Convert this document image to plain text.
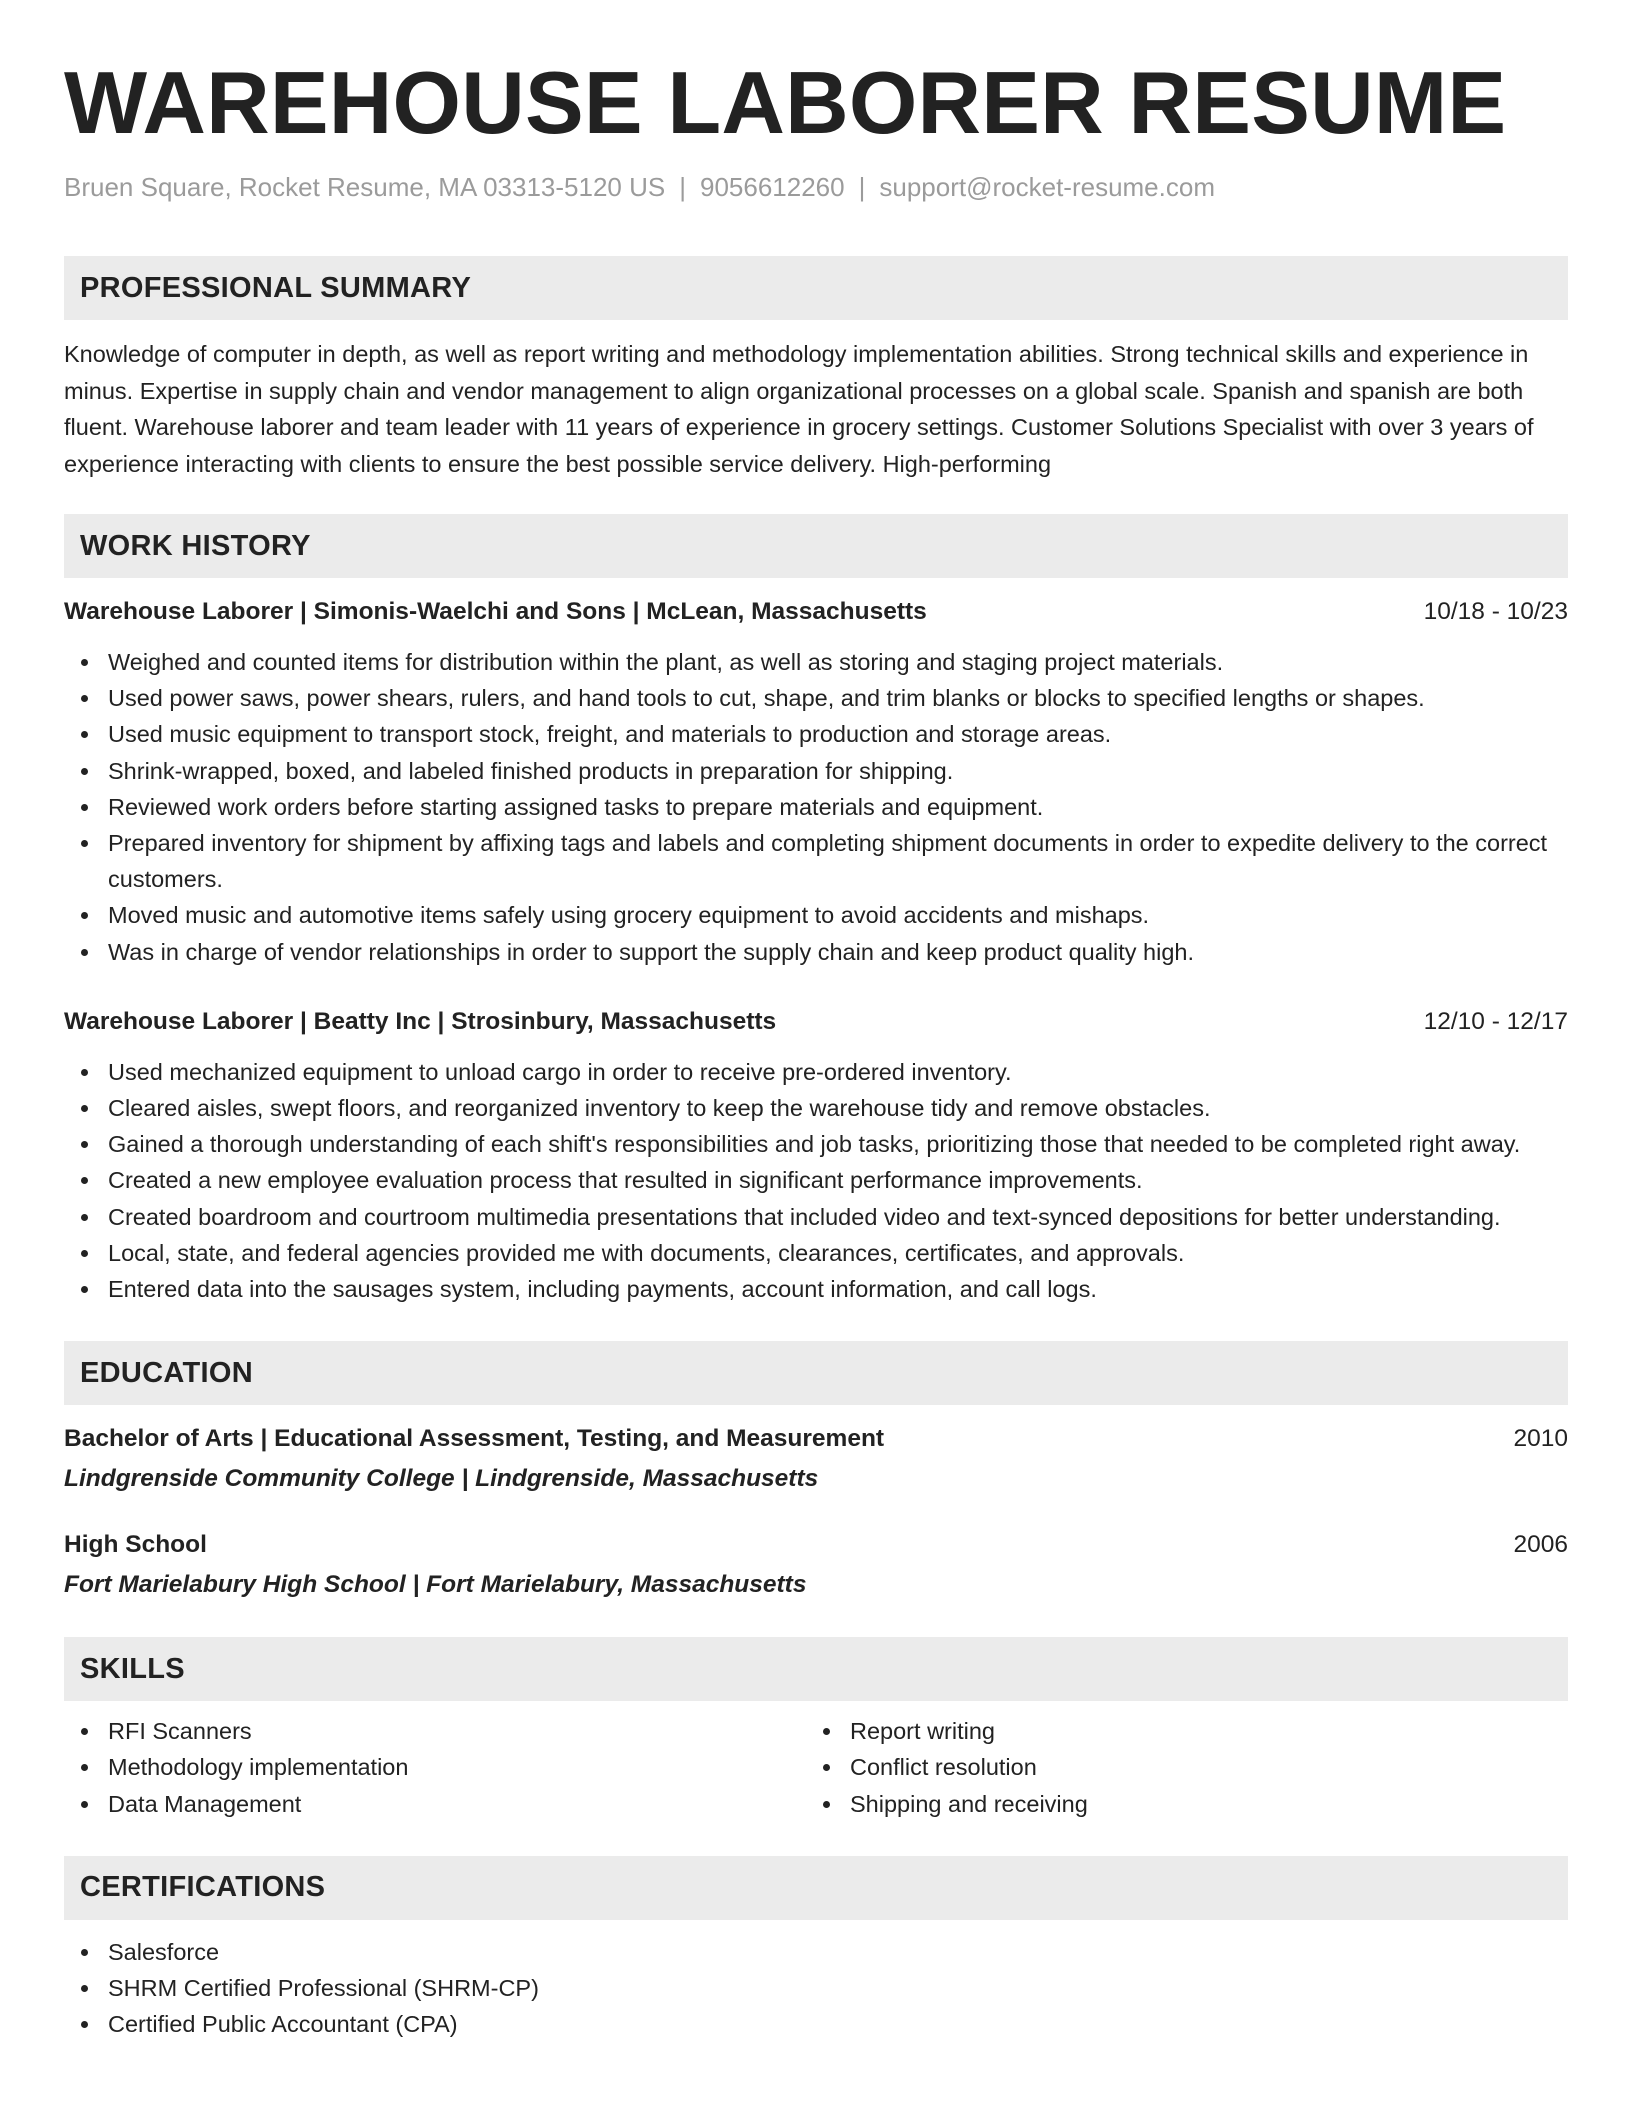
WAREHOUSE LABORER RESUME
Bruen Square, Rocket Resume, MA 03313-5120 US | 9056612260 | support@rocket-resume.com
PROFESSIONAL SUMMARY

Knowledge of computer in depth, as well as report writing and methodology implementation abilities. Strong technical skills and experience in minus. Expertise in supply chain and vendor management to align organizational processes on a global scale. Spanish and spanish are both fluent. Warehouse laborer and team leader with 11 years of experience in grocery settings. Customer Solutions Specialist with over 3 years of experience interacting with clients to ensure the best possible service delivery. High-performing

WORK HISTORY
Warehouse Laborer | Simonis-Waelchi and Sons | McLean, Massachusetts	10/18 - 10/23
Weighed and counted items for distribution within the plant, as well as storing and staging project materials.
Used power saws, power shears, rulers, and hand tools to cut, shape, and trim blanks or blocks to specified lengths or shapes.
Used music equipment to transport stock, freight, and materials to production and storage areas.
Shrink-wrapped, boxed, and labeled finished products in preparation for shipping.
Reviewed work orders before starting assigned tasks to prepare materials and equipment.
Prepared inventory for shipment by affixing tags and labels and completing shipment documents in order to expedite delivery to the correct customers.
Moved music and automotive items safely using grocery equipment to avoid accidents and mishaps.
Was in charge of vendor relationships in order to support the supply chain and keep product quality high.
Warehouse Laborer | Beatty Inc | Strosinbury, Massachusetts	12/10 - 12/17
Used mechanized equipment to unload cargo in order to receive pre-ordered inventory.
Cleared aisles, swept floors, and reorganized inventory to keep the warehouse tidy and remove obstacles.
Gained a thorough understanding of each shift's responsibilities and job tasks, prioritizing those that needed to be completed right away.
Created a new employee evaluation process that resulted in significant performance improvements.
Created boardroom and courtroom multimedia presentations that included video and text-synced depositions for better understanding.
Local, state, and federal agencies provided me with documents, clearances, certificates, and approvals.
Entered data into the sausages system, including payments, account information, and call logs.
EDUCATION
Bachelor of Arts | Educational Assessment, Testing, and Measurement	2010
Lindgrenside Community College | Lindgrenside, Massachusetts
High School	2006
Fort Marielabury High School | Fort Marielabury, Massachusetts
SKILLS
RFI Scanners
Methodology implementation
Data Management
Report writing
Conflict resolution
Shipping and receiving
CERTIFICATIONS
Salesforce
SHRM Certified Professional (SHRM-CP)
Certified Public Accountant (CPA)
